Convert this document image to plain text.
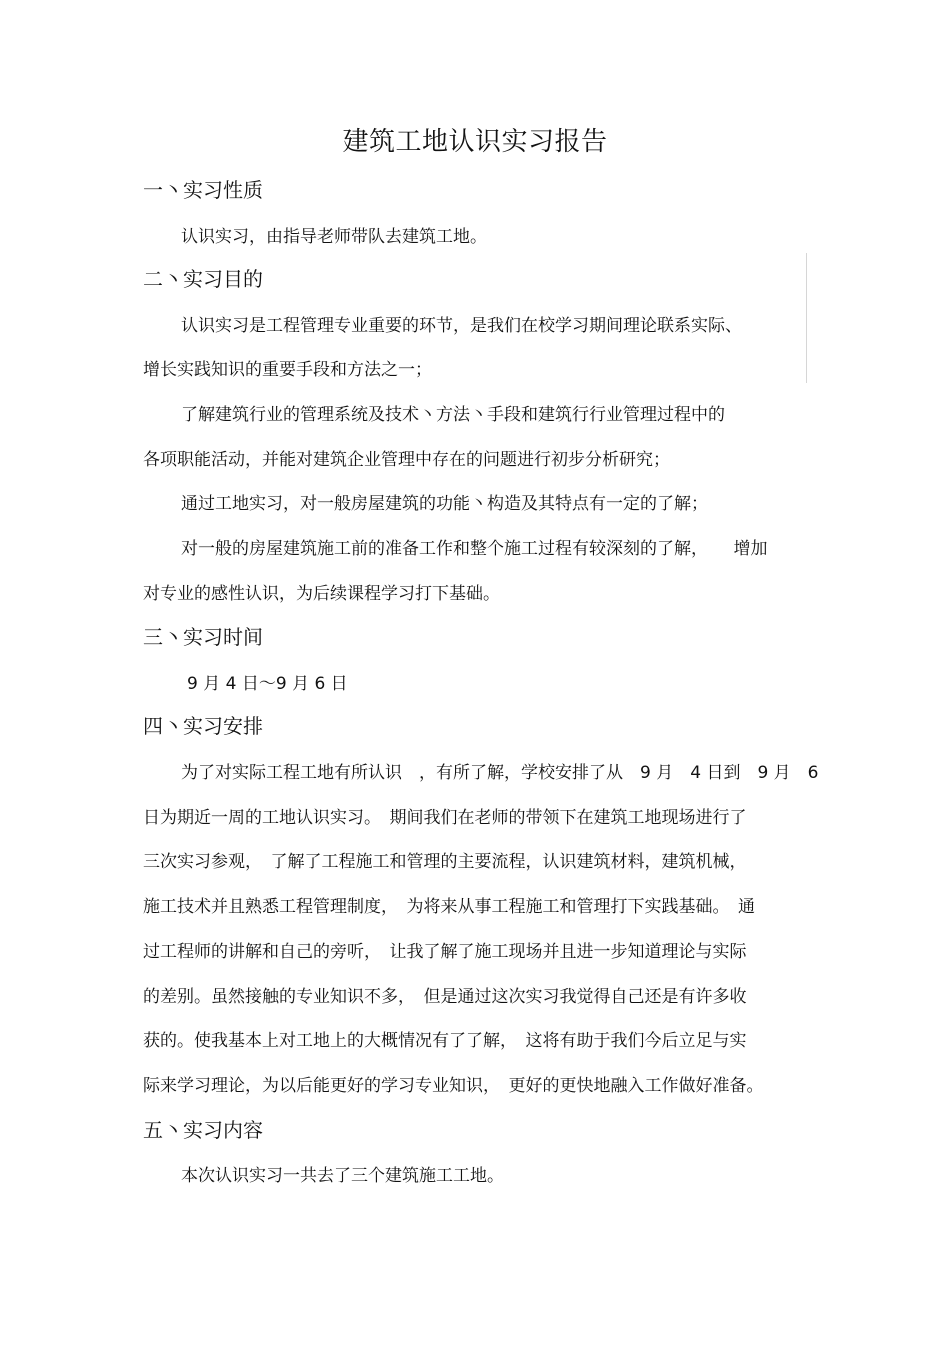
建筑工地认识实习报告
一丶实习性质
认识实习，由指导老师带队去建筑工地。
二丶实习目的
认识实习是工程管理专业重要的环节，是我们在校学习期间理论联系实际、
增长实践知识的重要手段和方法之一；
了解建筑行业的管理系统及技术丶方法丶手段和建筑行行业管理过程中的
各项职能活动，并能对建筑企业管理中存在的问题进行初步分析研究；
通过工地实习，对一般房屋建筑的功能丶构造及其特点有一定的了解；
对一般的房屋建筑施工前的准备工作和整个施工过程有较深刻的了解，　　增加
对专业的感性认识，为后续课程学习打下基础。
三丶实习时间
9 月 4 日～9 月 6 日
四丶实习安排
为了对实际工程工地有所认识　，有所了解，学校安排了从　9 月　4 日到　9 月　6
日为期近一周的工地认识实习。　期间我们在老师的带领下在建筑工地现场进行了
三次实习参观，　了解了工程施工和管理的主要流程，认识建筑材料，建筑机械，
施工技术并且熟悉工程管理制度，　为将来从事工程施工和管理打下实践基础。　通
过工程师的讲解和自己的旁听，　让我了解了施工现场并且进一步知道理论与实际
的差别。虽然接触的专业知识不多，　但是通过这次实习我觉得自己还是有许多收
获的。使我基本上对工地上的大概情况有了了解，　这将有助于我们今后立足与实
际来学习理论，为以后能更好的学习专业知识，　更好的更快地融入工作做好准备。
五丶实习内容
本次认识实习一共去了三个建筑施工工地。
